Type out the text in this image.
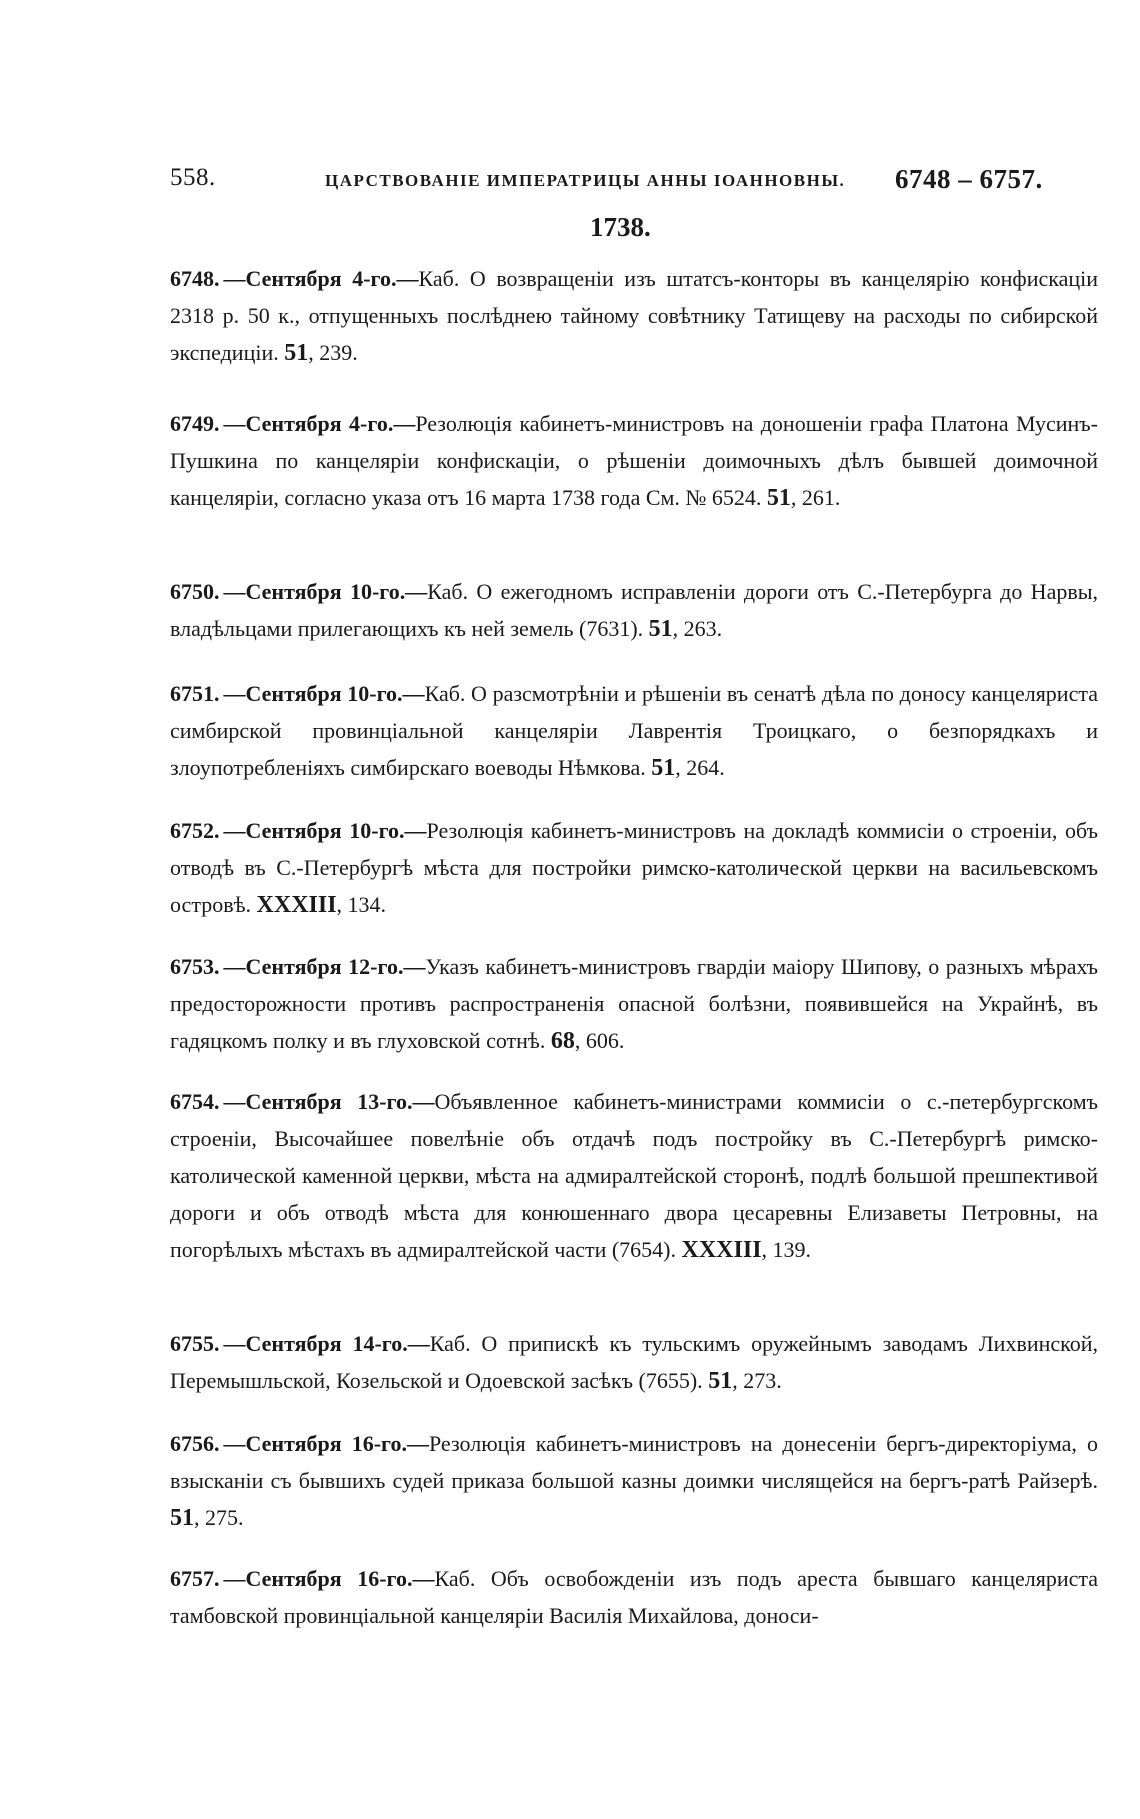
558.	ЦАРСТВОВАНІЕ ИМПЕРАТРИЦЫ АННЫ ІОАННОВНЫ. 6748 – 6757.
1738.
6748. —Сентября 4-го.—Каб. О возвращеніи изъ штатсъ-конторы въ канцелярію конфискаціи 2318 р. 50 к., отпущенныхъ послѣднею тайному совѣтнику Татищеву на расходы по сибирской экспедиціи. 51, 239.
6749. —Сентября 4-го.—Резолюція кабинетъ-министровъ на доношеніи графа Платона Мусинъ-Пушкина по канцеляріи конфискаціи, о рѣшеніи доимочныхъ дѣлъ бывшей доимочной канцеляріи, согласно указа отъ 16 марта 1738 года См. № 6524. 51, 261.
6750. —Сентября 10-го.—Каб. О ежегодномъ исправленіи дороги отъ С.-Петербурга до Нарвы, владѣльцами прилегающихъ къ ней земель (7631). 51, 263.
6751. —Сентября 10-го.—Каб. О разсмотрѣніи и рѣшеніи въ сенатѣ дѣла по доносу канцеляриста симбирской провинціальной канцеляріи Лаврентія Троицкаго, о безпорядкахъ и злоупотребленіяхъ симбирскаго воеводы Нѣмкова. 51, 264.
6752. —Сентября 10-го.—Резолюція кабинетъ-министровъ на докладѣ коммисіи о строеніи, объ отводѣ въ С.-Петербургѣ мѣста для постройки римско-католической церкви на васильевскомъ островѣ. XXXIII, 134.
6753. —Сентября 12-го.—Указъ кабинетъ-министровъ гвардіи маіору Шипову, о разныхъ мѣрахъ предосторожности противъ распространенія опасной болѣзни, появившейся на Украйнѣ, въ гадяцкомъ полку и въ глуховской сотнѣ. 68, 606.
6754. —Сентября 13-го.—Объявленное кабинетъ-министрами коммисіи о с.-петербургскомъ строеніи, Высочайшее повелѣніе объ отдачѣ подъ постройку въ С.-Петербургѣ римско-католической каменной церкви, мѣста на адмиралтейской сторонѣ, подлѣ большой прешпективой дороги и объ отводѣ мѣста для конюшеннаго двора цесаревны Елизаветы Петровны, на погорѣлыхъ мѣстахъ въ адмиралтейской части (7654). XXXIII, 139.
6755. —Сентября 14-го.—Каб. О припискѣ къ тульскимъ оружейнымъ заводамъ Лихвинской, Перемышльской, Козельской и Одоевской засѣкъ (7655). 51, 273.
6756. —Сентября 16-го.—Резолюція кабинетъ-министровъ на донесеніи бергъ-директоріума, о взысканіи съ бывшихъ судей приказа большой казны доимки числящейся на бергъ-ратѣ Райзерѣ. 51, 275.
6757. —Сентября 16-го.—Каб. Объ освобожденіи изъ подъ ареста бывшаго канцеляриста тамбовской провинціальной канцеляріи Василія Михайлова, доноси-
